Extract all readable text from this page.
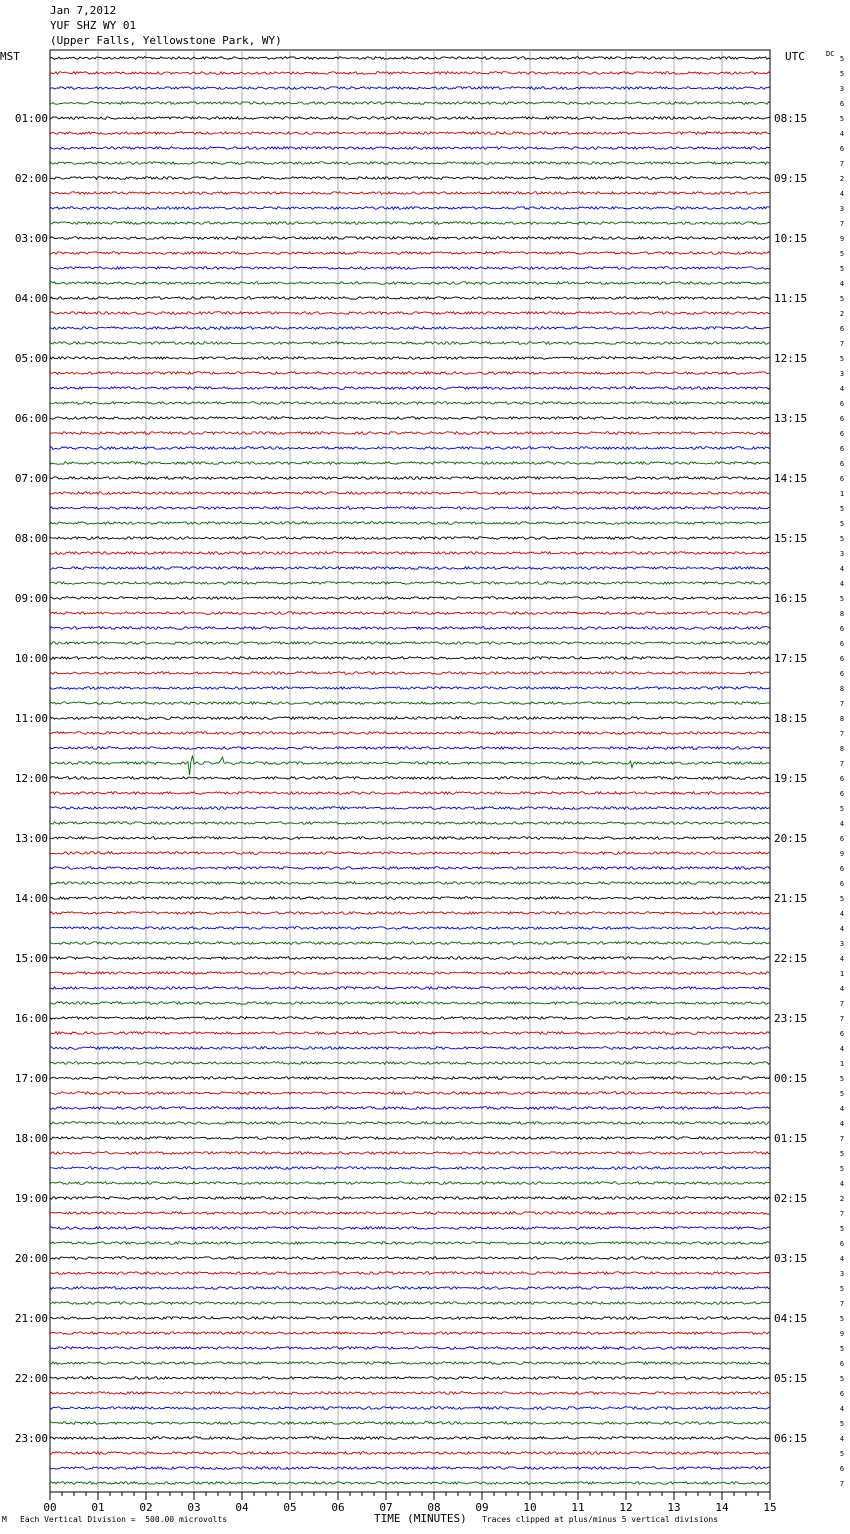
00	01	02	03	04	05	06	07	08	09	10	11	12	13	14	15
01:00
02:00
03:00
04:00
05:00
06:00
07:00
08:00
09:00
10:00
11:00
12:00
13:00
14:00
15:00
16:00
17:00
18:00
19:00
20:00
21:00
22:00
23:00
08:15
09:15
10:15
11:15
12:15
13:15
14:15
15:15
16:15
17:15
18:15
19:15
20:15
21:15
22:15
23:15
00:15
01:15
02:15
03:15
04:15
05:15
06:15
5
5
3
6
5
4
6
7
2
4
3
7
9
5
5
4
5
2
6
7
5
3
4
6
6
6
6
6
6
1
5
5
5
3
4
4
5
8
6
6
6
6
8
7
8
7
8
7
6
6
5
4
6
9
6
6
5
4
4
3
4
1
4
7
7
6
4
1
5
5
4
4
7
5
5
4
2
7
5
6
4
3
5
7
5
9
5
6
5
6
4
5
4
5
6
7
Jan 7,2012
YUF SHZ WY 01
(Upper Falls, Yellowstone Park, WY)
MST	UTC	DC
TIME (MINUTES)
M Each Vertical Division =  500.00 microvolts	Traces clipped at plus/minus 5 vertical divisions
